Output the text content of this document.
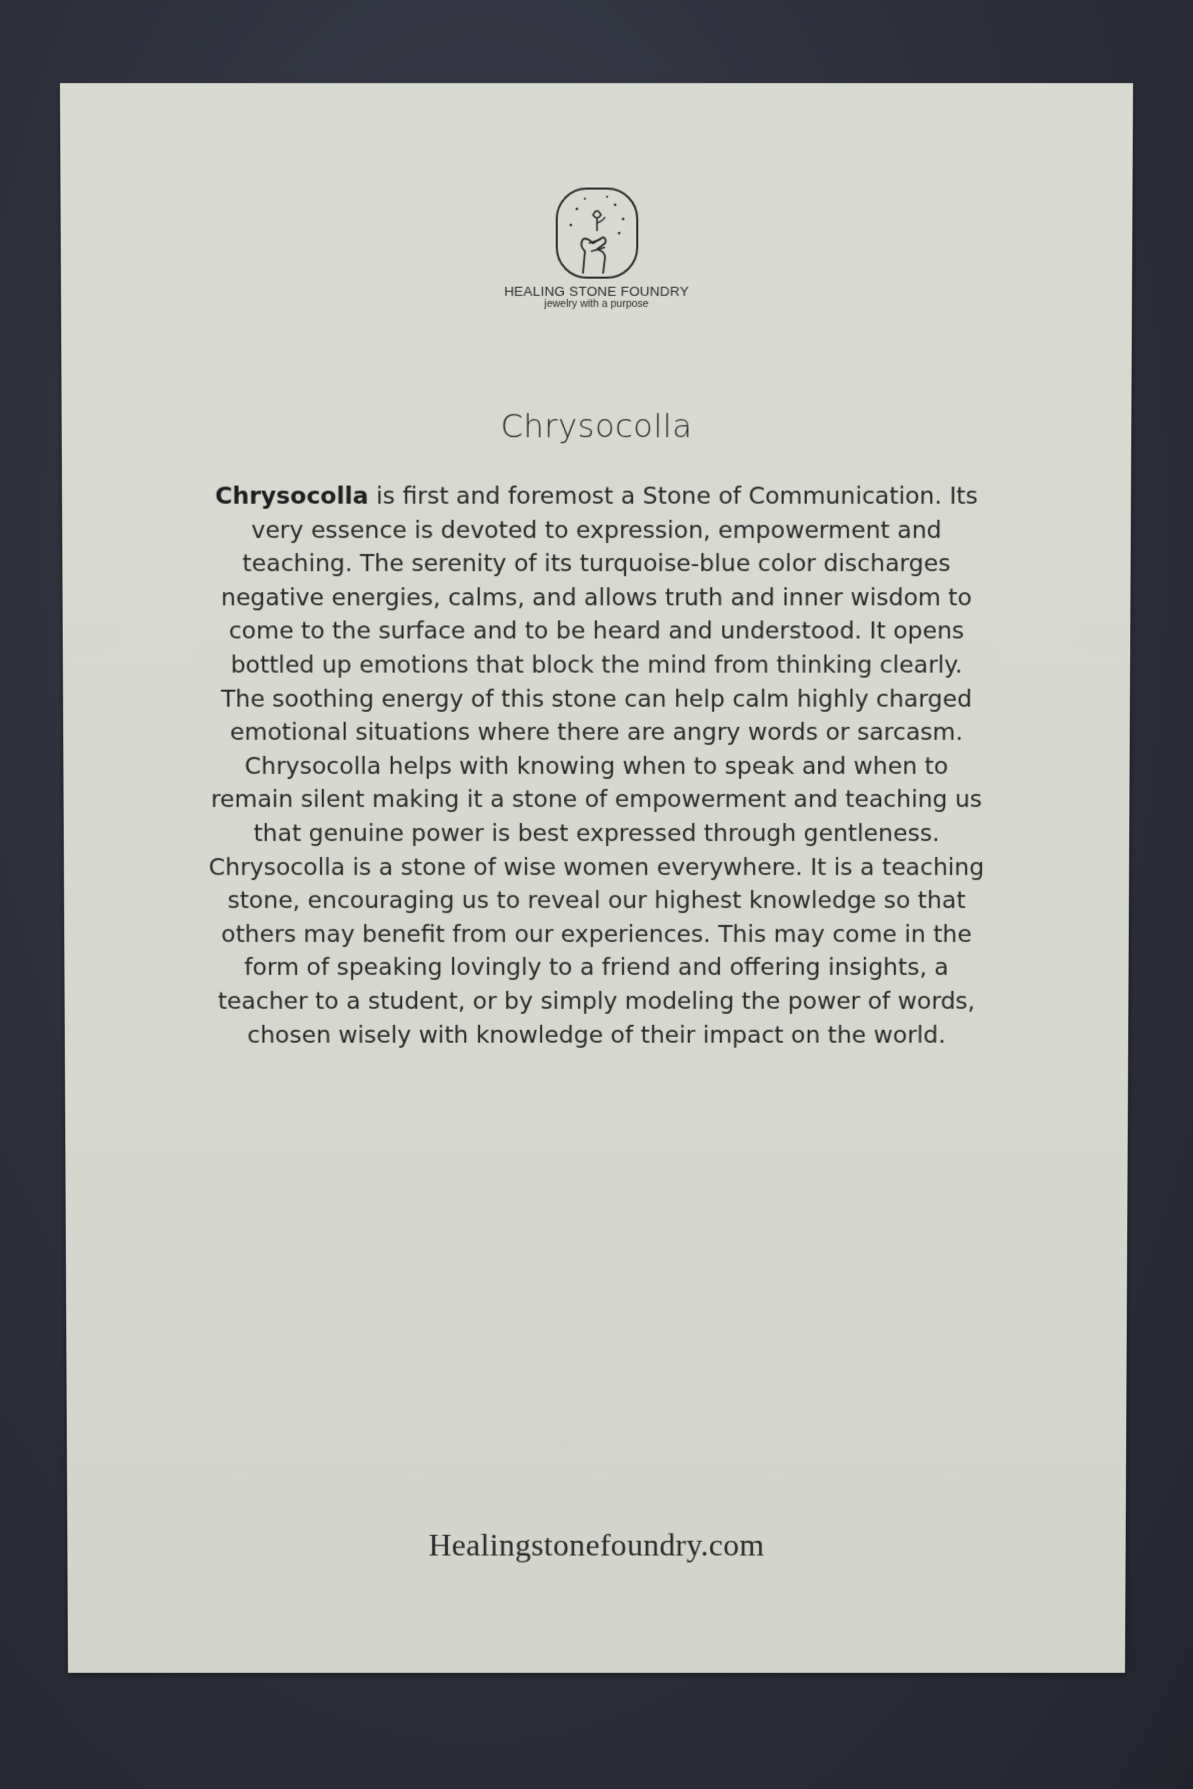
HEALING STONE FOUNDRY
jewelry with a purpose
Chrysocolla
Chrysocolla is first and foremost a Stone of Communication. Its
very essence is devoted to expression, empowerment and
teaching. The serenity of its turquoise-blue color discharges
negative energies, calms, and allows truth and inner wisdom to
come to the surface and to be heard and understood. It opens
bottled up emotions that block the mind from thinking clearly.
The soothing energy of this stone can help calm highly charged
emotional situations where there are angry words or sarcasm.
Chrysocolla helps with knowing when to speak and when to
remain silent making it a stone of empowerment and teaching us
that genuine power is best expressed through gentleness.
Chrysocolla is a stone of wise women everywhere. It is a teaching
stone, encouraging us to reveal our highest knowledge so that
others may benefit from our experiences. This may come in the
form of speaking lovingly to a friend and offering insights, a
teacher to a student, or by simply modeling the power of words,
chosen wisely with knowledge of their impact on the world.
Healingstonefoundry.com
